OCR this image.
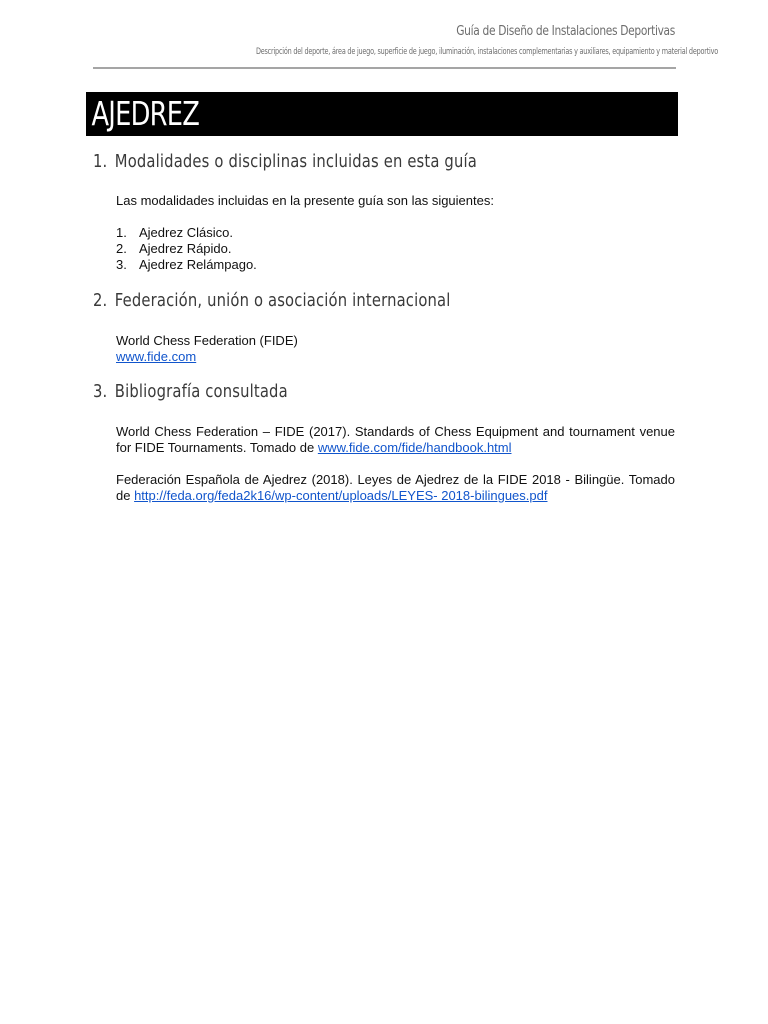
Guía de Diseño de Instalaciones Deportivas
Descripción del deporte, área de juego, superficie de juego, iluminación, instalaciones complementarias y auxiliares, equipamiento y material deportivo
AJEDREZ
1. Modalidades o disciplinas incluidas en esta guía
Las modalidades incluidas en la presente guía son las siguientes:
1. Ajedrez Clásico.
2. Ajedrez Rápido.
3. Ajedrez Relámpago.
2. Federación, unión o asociación internacional
World Chess Federation (FIDE)
www.fide.com
3. Bibliografía consultada
World Chess Federation – FIDE (2017). Standards of Chess Equipment and tournament venue for FIDE Tournaments. Tomado de www.fide.com/fide/handbook.html
Federación Española de Ajedrez (2018). Leyes de Ajedrez de la FIDE 2018 - Bilingüe. Tomado de http://feda.org/feda2k16/wp-content/uploads/LEYES- 2018-bilingues.pdf
